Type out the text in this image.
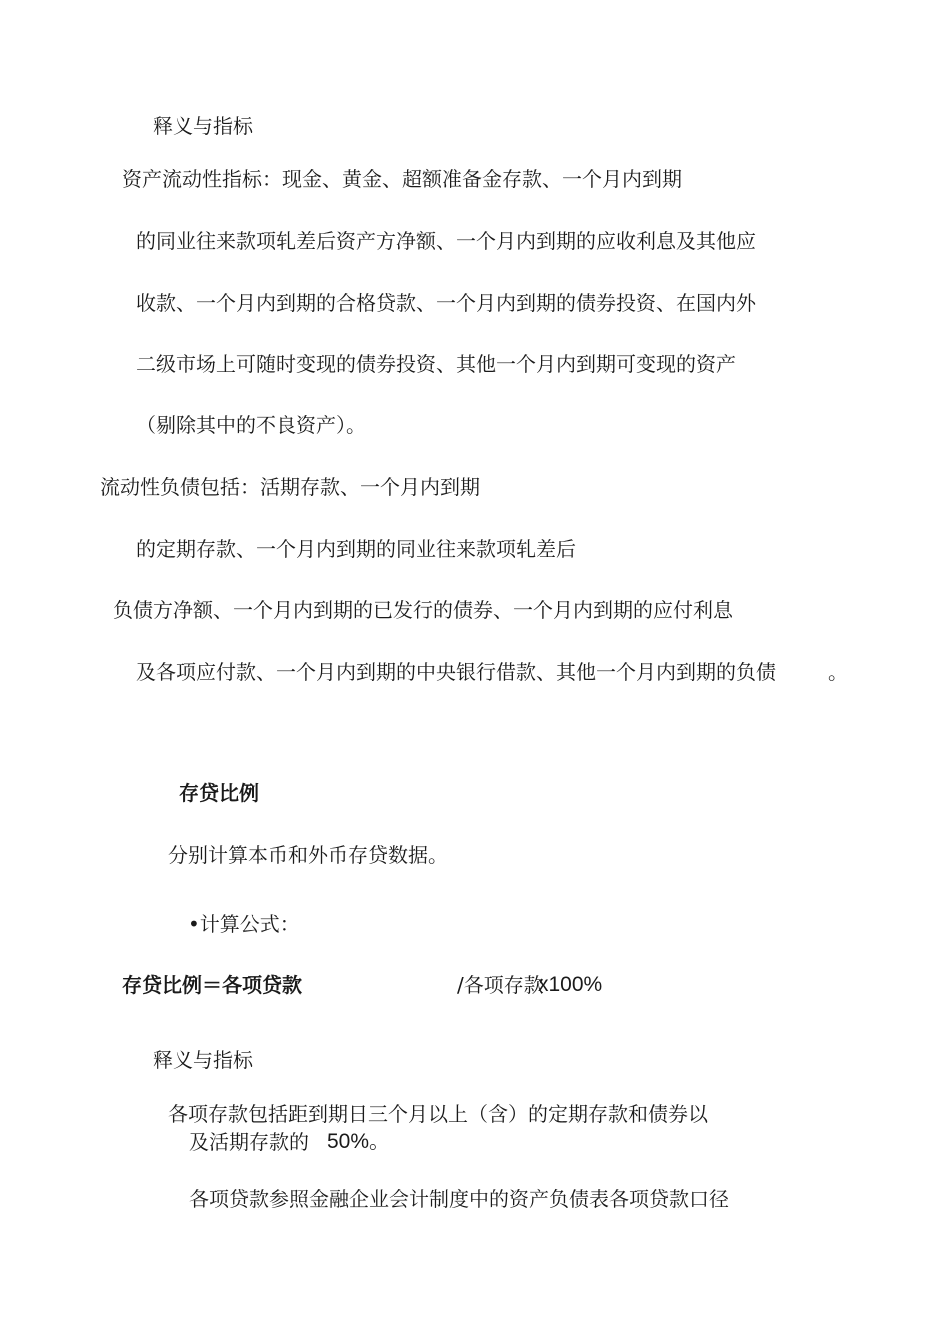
释义与指标
资产流动性指标：现金、黄金、超额准备金存款、一个月内到期
的同业往来款项轧差后资产方净额、一个月内到期的应收利息及其他应
收款、一个月内到期的合格贷款、一个月内到期的债券投资、在国内外
二级市场上可随时变现的债券投资、其他一个月内到期可变现的资产
（剔除其中的不良资产）。
流动性负债包括：活期存款、一个月内到期
的定期存款、一个月内到期的同业往来款项轧差后
负债方净额、一个月内到期的已发行的债券、一个月内到期的应付利息
及各项应付款、一个月内到期的中央银行借款、其他一个月内到期的负债	。
存贷比例
分别计算本币和外币存贷数据。
•计算公式：
存贷比例＝各项贷款	/各项存款
x100%
释义与指标
各项存款包括距到期日三个月以上（含）的定期存款和债券以
及活期存款的 50%。
各项贷款参照金融企业会计制度中的资产负债表各项贷款口径
